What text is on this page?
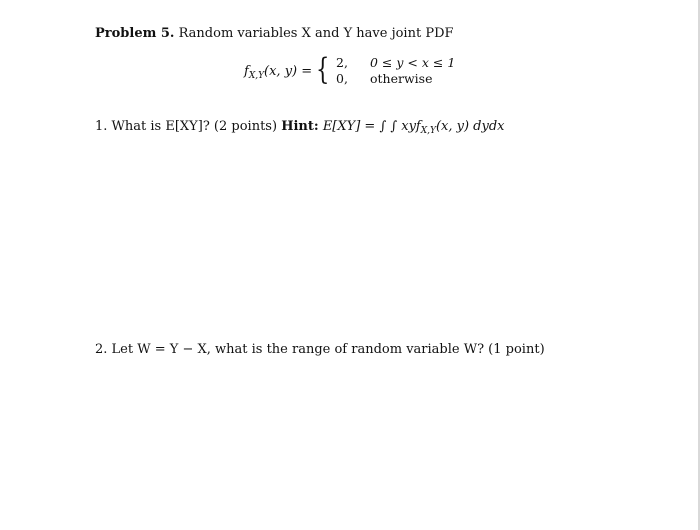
Problem 5. Random variables X and Y have joint PDF
$f_{X,Y}(x$, y) = { 2, 0 ≤ y < x ≤ 1
0, otherwise
1. What is E[XY]? (2 points) Hint: E[XY] = ∫ ∫ xyf$_{X,Y}$(x, y) dydx
2. Let W = Y − X, what is the range of random variable W? (1 point)
